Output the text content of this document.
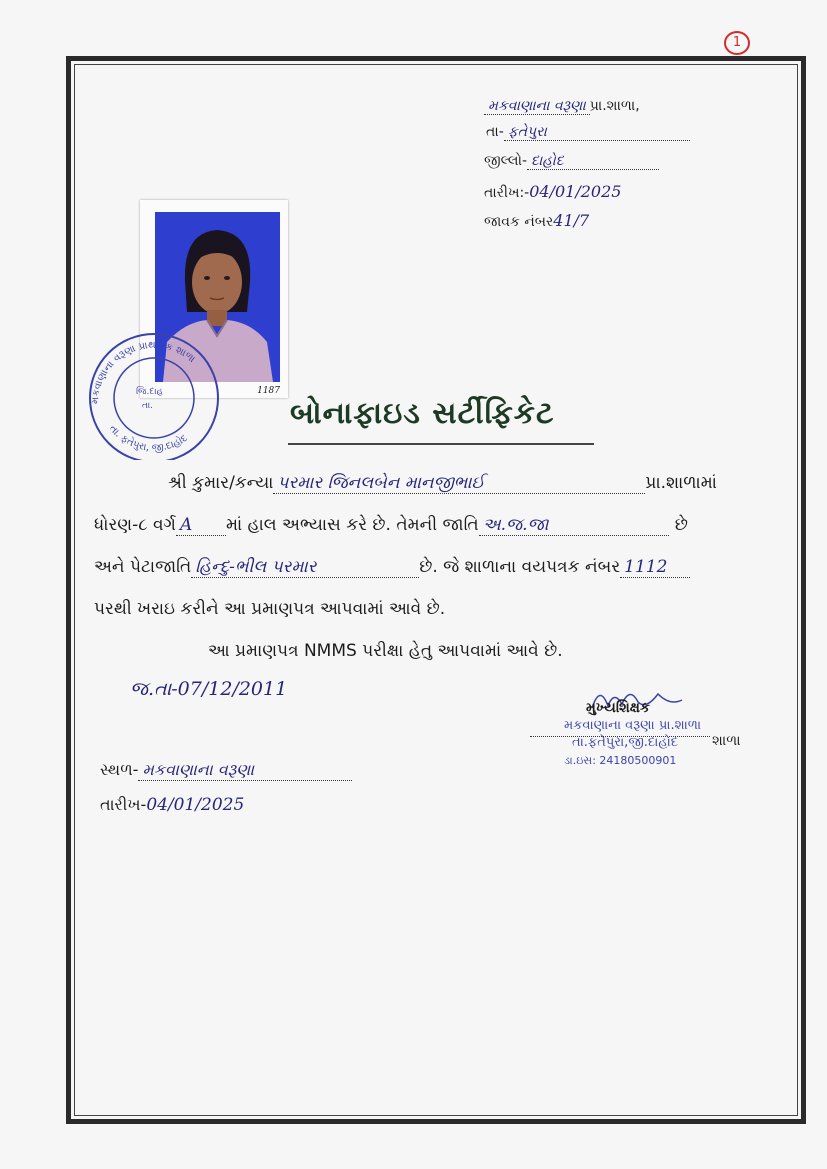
1
મકવાણાના વરૂણા પ્રા.શાળા,
તા- ફતેપુરા
જીલ્લો- દાહોદ
તારીખ:-04/01/2025
જાવક નંબર41/7
1187
મકવાણાના વરૂણા પ્રાથમિક શાળા
તા. ફતેપુરા, જી.દાહોદ
જિ.દાહ
તા.	બોનાફાઇડ સર્ટીફિકેટ
શ્રી કુમાર/કન્યા પરમાર જિનલબેન માનજીભાઈ	પ્રા.શાળામાં
ધોરણ-૮ વર્ગ A માં હાલ અભ્યાસ કરે છે. તેમની જાતિ અ.જ.જા	છે
અને પેટાજાતિ હિન્દુ-ભીલ પરમાર	છે. જે શાળાના વયપત્રક નંબર 1112
પરથી ખરાઇ કરીને આ પ્રમાણપત્ર આપવામાં આવે છે.
આ પ્રમાણપત્ર NMMS પરીક્ષા હેતુ આપવામાં આવે છે.
જ.તા-07/12/2011
મુખ્યશિક્ષક
મકવાણાના વરૂણા પ્રા.શાળા
શાળા
તા.ફતેપુરા,જી.દાહોદ
ડા.ઇસ: 24180500901
સ્થળ- મકવાણાના વરૂણા
તારીખ-04/01/2025
